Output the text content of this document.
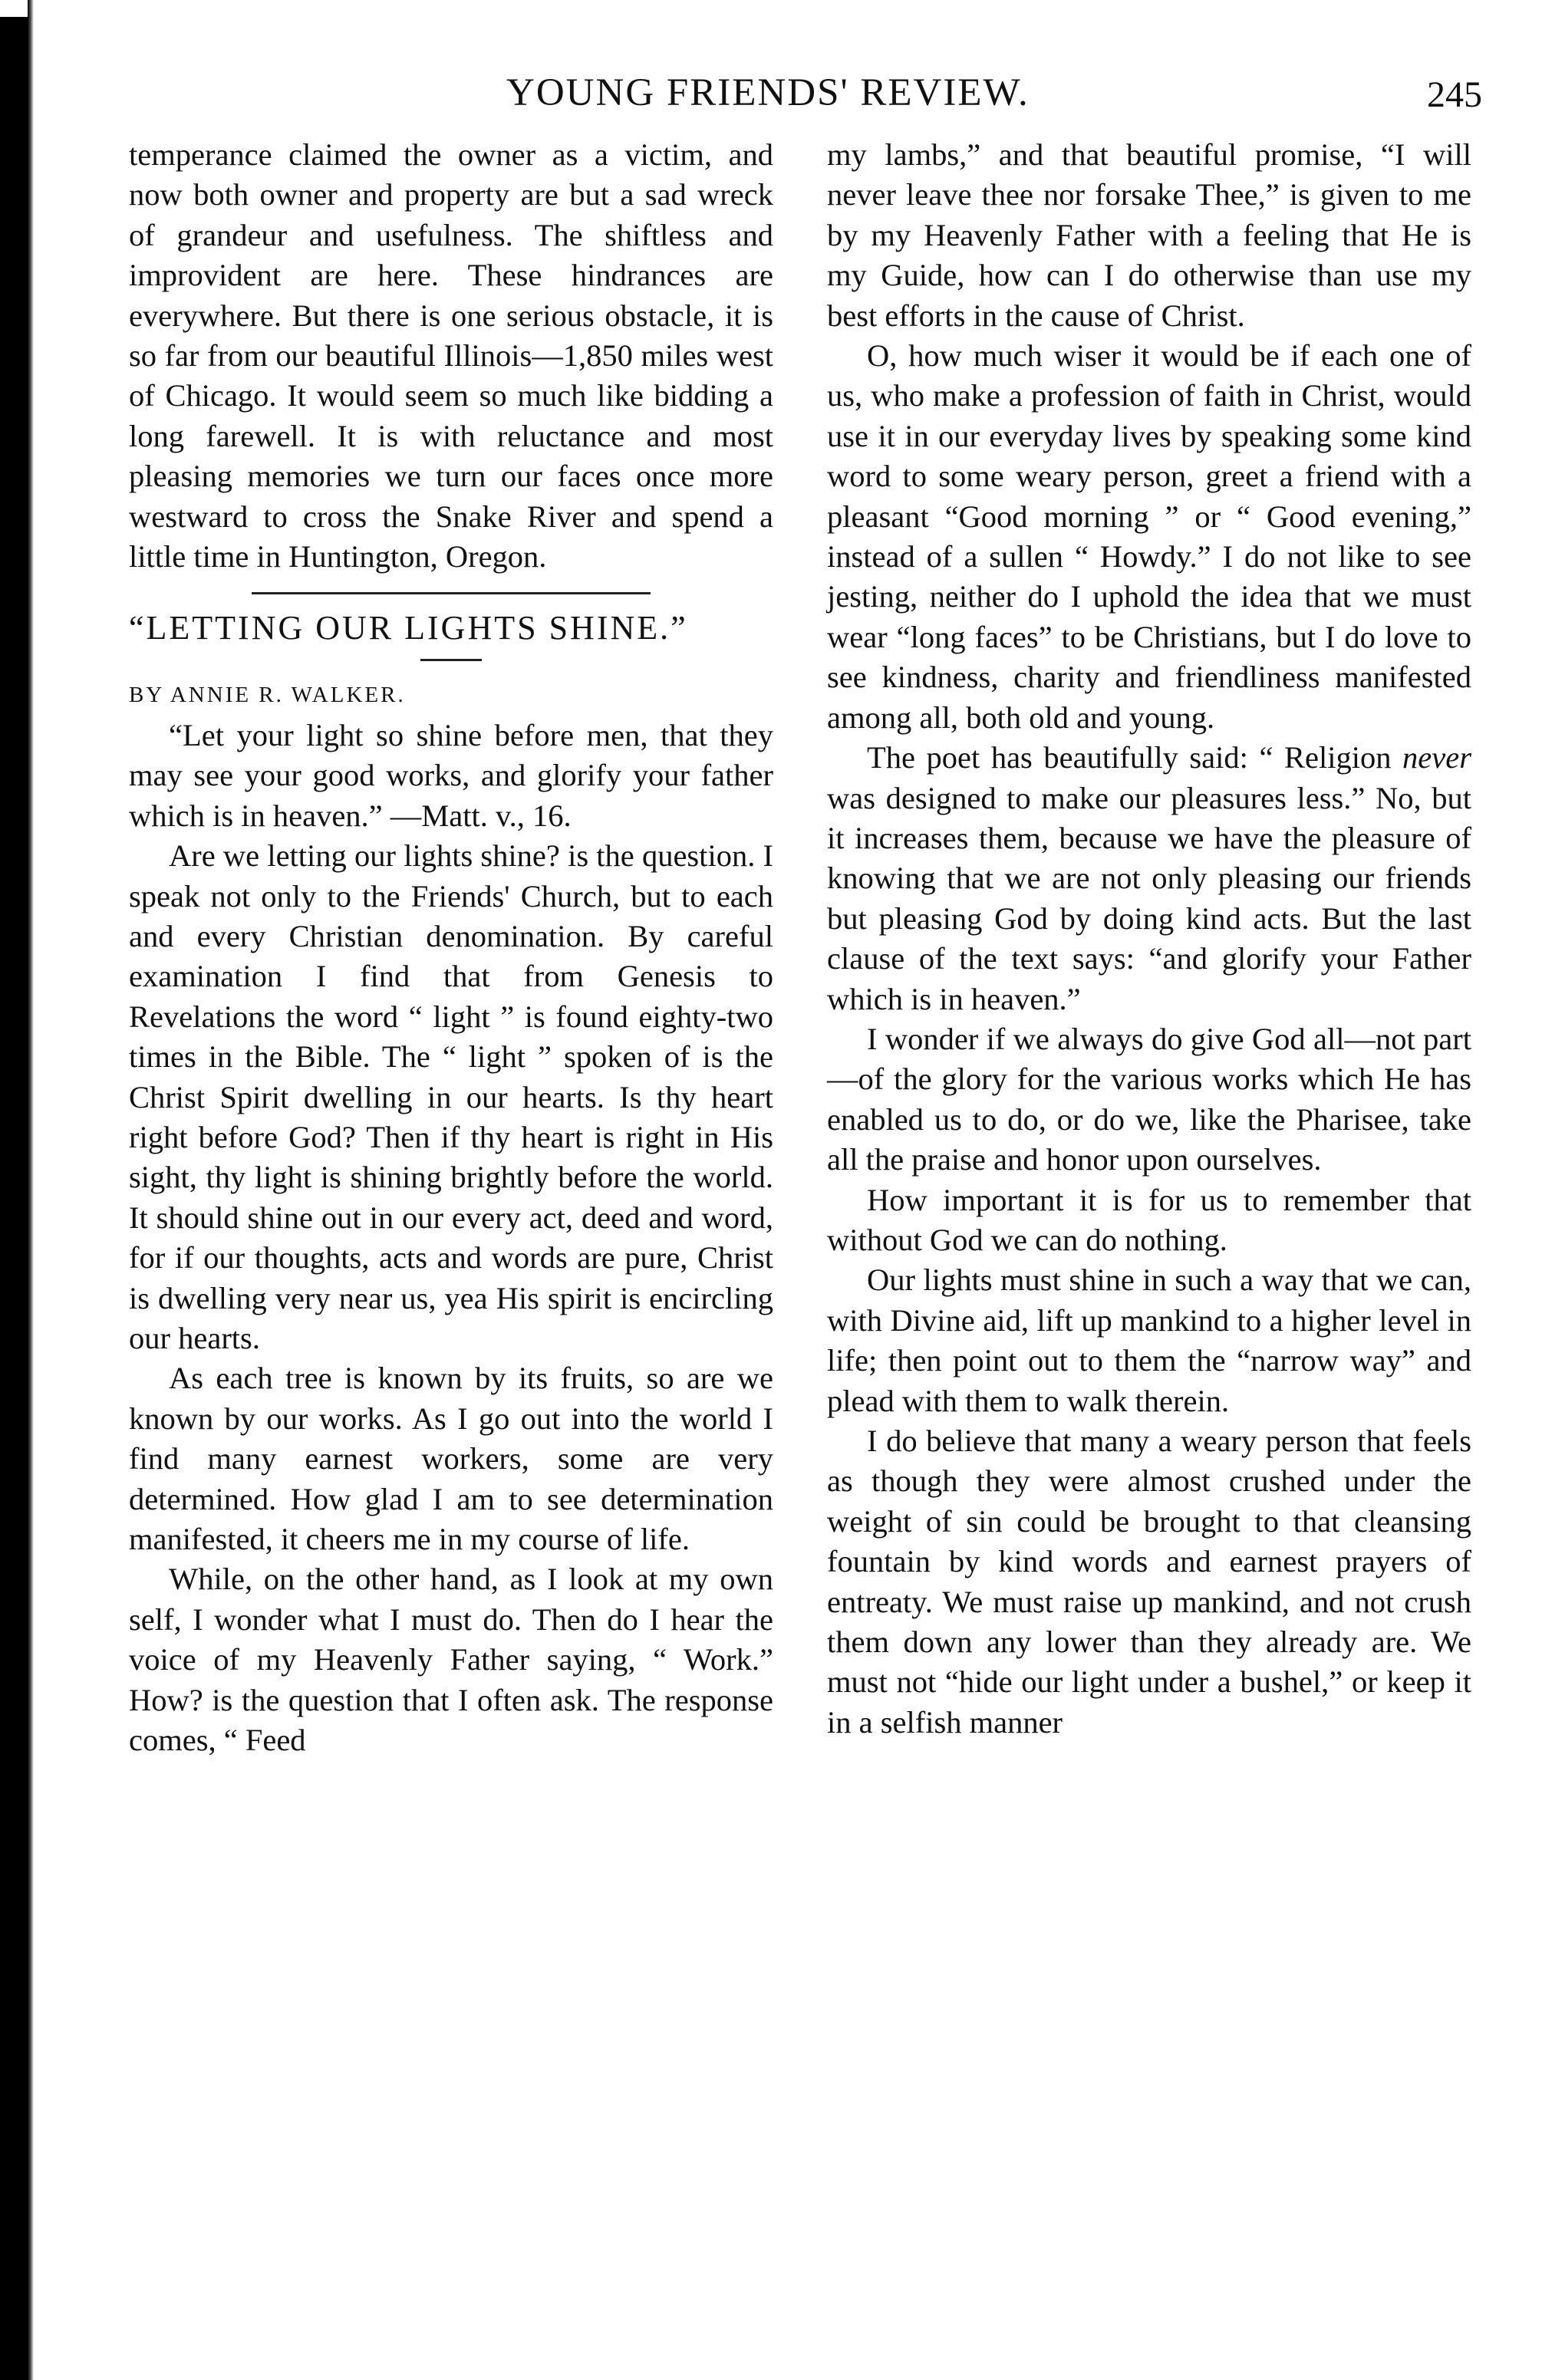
YOUNG FRIENDS' REVIEW.	245

temperance claimed the owner as a victim, and now both owner and property are but a sad wreck of grandeur and usefulness. The shiftless and improvident are here. These hindrances are everywhere. But there is one serious obstacle, it is so far from our beautiful Illinois—1,850 miles west of Chicago. It would seem so much like bidding a long farewell. It is with reluctance and most pleasing memories we turn our faces once more westward to cross the Snake River and spend a little time in Huntington, Oregon.

“LETTING OUR LIGHTS SHINE.”

BY ANNIE R. WALKER.

“Let your light so shine before men, that they may see your good works, and glorify your father which is in heaven.” —Matt. v., 16.

Are we letting our lights shine? is the question. I speak not only to the Friends' Church, but to each and every Christian denomination. By careful examination I find that from Genesis to Revelations the word “ light ” is found eighty-two times in the Bible. The “ light ” spoken of is the Christ Spirit dwelling in our hearts. Is thy heart right before God? Then if thy heart is right in His sight, thy light is shining brightly before the world. It should shine out in our every act, deed and word, for if our thoughts, acts and words are pure, Christ is dwelling very near us, yea His spirit is encircling our hearts.

As each tree is known by its fruits, so are we known by our works. As I go out into the world I find many earnest workers, some are very determined. How glad I am to see determination manifested, it cheers me in my course of life.

While, on the other hand, as I look at my own self, I wonder what I must do. Then do I hear the voice of my Heavenly Father saying, “ Work.” How? is the question that I often ask. The response comes, “ Feed

my lambs,” and that beautiful promise, “I will never leave thee nor forsake Thee,” is given to me by my Heavenly Father with a feeling that He is my Guide, how can I do otherwise than use my best efforts in the cause of Christ.

O, how much wiser it would be if each one of us, who make a profession of faith in Christ, would use it in our everyday lives by speaking some kind word to some weary person, greet a friend with a pleasant “Good morning ” or “ Good evening,” instead of a sullen “ Howdy.” I do not like to see jesting, neither do I uphold the idea that we must wear “long faces” to be Christians, but I do love to see kindness, charity and friendliness manifested among all, both old and young.

The poet has beautifully said: “ Religion never was designed to make our pleasures less.” No, but it increases them, because we have the pleasure of knowing that we are not only pleasing our friends but pleasing God by doing kind acts. But the last clause of the text says: “and glorify your Father which is in heaven.”

I wonder if we always do give God all—not part—of the glory for the various works which He has enabled us to do, or do we, like the Pharisee, take all the praise and honor upon ourselves.

How important it is for us to remember that without God we can do nothing.

Our lights must shine in such a way that we can, with Divine aid, lift up mankind to a higher level in life; then point out to them the “narrow way” and plead with them to walk therein.

I do believe that many a weary person that feels as though they were almost crushed under the weight of sin could be brought to that cleansing fountain by kind words and earnest prayers of entreaty. We must raise up mankind, and not crush them down any lower than they already are. We must not “hide our light under a bushel,” or keep it in a selfish manner
